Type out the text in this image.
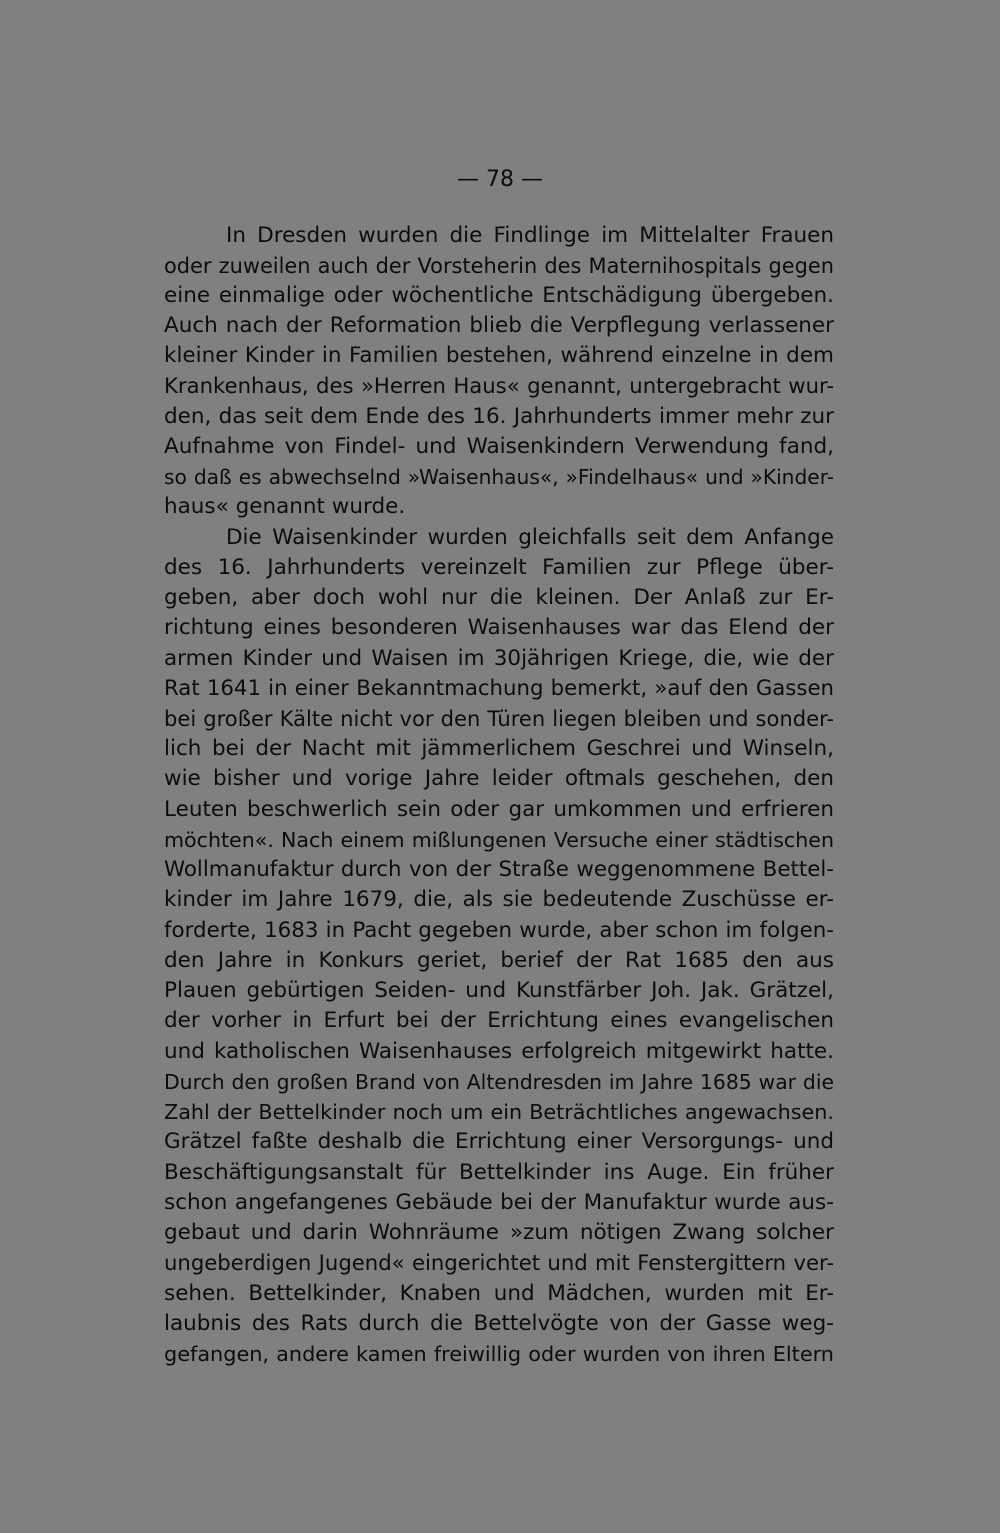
— 78 —
In Dresden wurden die Findlinge im Mittelalter Frauen
oder zuweilen auch der Vorsteherin des Maternihospitals gegen
eine einmalige oder wöchentliche Entschädigung übergeben.
Auch nach der Reformation blieb die Verpflegung verlassener
kleiner Kinder in Familien bestehen, während einzelne in dem
Krankenhaus, des »Herren Haus« genannt, untergebracht wur-
den, das seit dem Ende des 16. Jahrhunderts immer mehr zur
Aufnahme von Findel- und Waisenkindern Verwendung fand,
so daß es abwechselnd »Waisenhaus«, »Findelhaus« und »Kinder-
haus« genannt wurde.
Die Waisenkinder wurden gleichfalls seit dem Anfange
des 16. Jahrhunderts vereinzelt Familien zur Pflege über-
geben, aber doch wohl nur die kleinen. Der Anlaß zur Er-
richtung eines besonderen Waisenhauses war das Elend der
armen Kinder und Waisen im 30jährigen Kriege, die, wie der
Rat 1641 in einer Bekanntmachung bemerkt, »auf den Gassen
bei großer Kälte nicht vor den Türen liegen bleiben und sonder-
lich bei der Nacht mit jämmerlichem Geschrei und Winseln,
wie bisher und vorige Jahre leider oftmals geschehen, den
Leuten beschwerlich sein oder gar umkommen und erfrieren
möchten«. Nach einem mißlungenen Versuche einer städtischen
Wollmanufaktur durch von der Straße weggenommene Bettel-
kinder im Jahre 1679, die, als sie bedeutende Zuschüsse er-
forderte, 1683 in Pacht gegeben wurde, aber schon im folgen-
den Jahre in Konkurs geriet, berief der Rat 1685 den aus
Plauen gebürtigen Seiden- und Kunstfärber Joh. Jak. Grätzel,
der vorher in Erfurt bei der Errichtung eines evangelischen
und katholischen Waisenhauses erfolgreich mitgewirkt hatte.
Durch den großen Brand von Altendresden im Jahre 1685 war die
Zahl der Bettelkinder noch um ein Beträchtliches angewachsen.
Grätzel faßte deshalb die Errichtung einer Versorgungs- und
Beschäftigungsanstalt für Bettelkinder ins Auge. Ein früher
schon angefangenes Gebäude bei der Manufaktur wurde aus-
gebaut und darin Wohnräume »zum nötigen Zwang solcher
ungeberdigen Jugend« eingerichtet und mit Fenstergittern ver-
sehen. Bettelkinder, Knaben und Mädchen, wurden mit Er-
laubnis des Rats durch die Bettelvögte von der Gasse weg-
gefangen, andere kamen freiwillig oder wurden von ihren Eltern
